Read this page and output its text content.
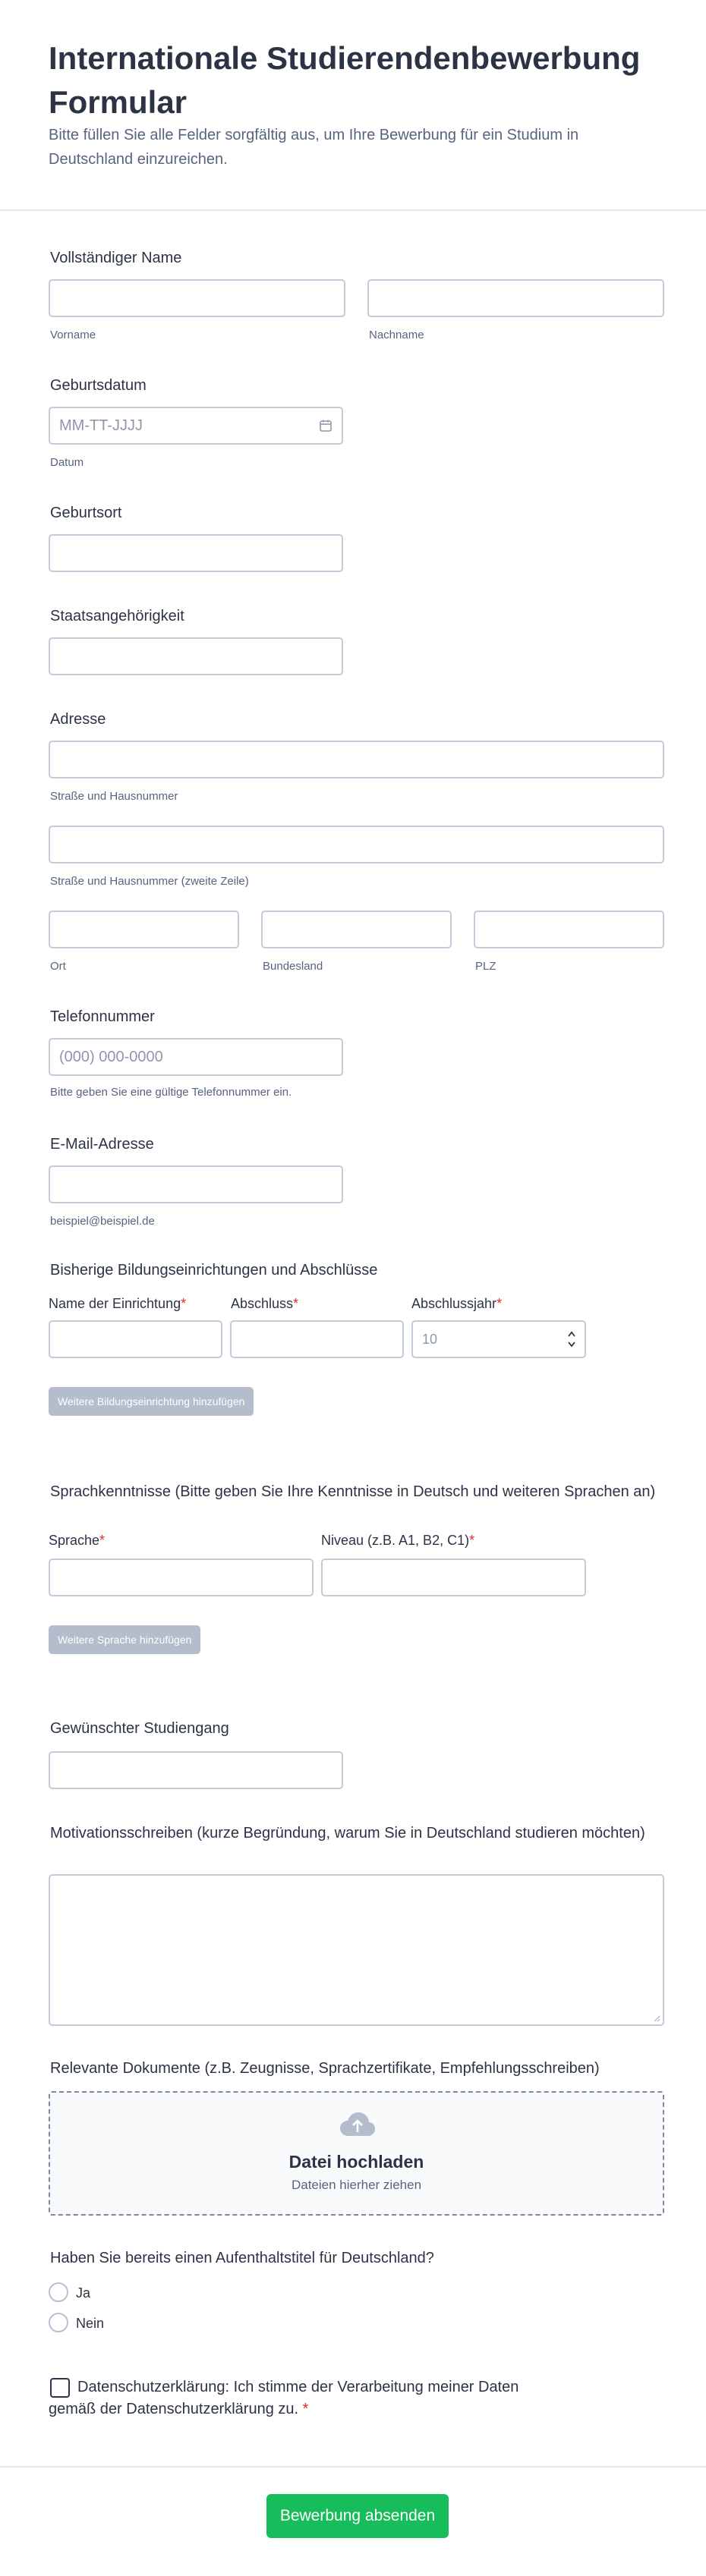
Internationale Studierendenbewerbung Formular
Bitte füllen Sie alle Felder sorgfältig aus, um Ihre Bewerbung für ein Studium in Deutschland einzureichen.
Vollständiger Name
Vorname	Nachname
Geburtsdatum
MM-TT-JJJJ
Datum
Geburtsort
Staatsangehörigkeit
Adresse
Straße und Hausnummer
Straße und Hausnummer (zweite Zeile)
Ort	Bundesland	PLZ
Telefonnummer
(000) 000-0000
Bitte geben Sie eine gültige Telefonnummer ein.
E-Mail-Adresse
beispiel@beispiel.de
Bisherige Bildungseinrichtungen und Abschlüsse
Name der Einrichtung*	Abschluss*	Abschlussjahr*
10
Weitere Bildungseinrichtung hinzufügen
Sprachkenntnisse (Bitte geben Sie Ihre Kenntnisse in Deutsch und weiteren Sprachen an)
Sprache*	Niveau (z.B. A1, B2, C1)*
Weitere Sprache hinzufügen
Gewünschter Studiengang
Motivationsschreiben (kurze Begründung, warum Sie in Deutschland studieren möchten)
Relevante Dokumente (z.B. Zeugnisse, Sprachzertifikate, Empfehlungsschreiben)
Datei hochladen
Dateien hierher ziehen
Haben Sie bereits einen Aufenthaltstitel für Deutschland?
Ja
Nein
Datenschutzerklärung: Ich stimme der Verarbeitung meiner Daten gemäß der Datenschutzerklärung zu. *
Bewerbung absenden
